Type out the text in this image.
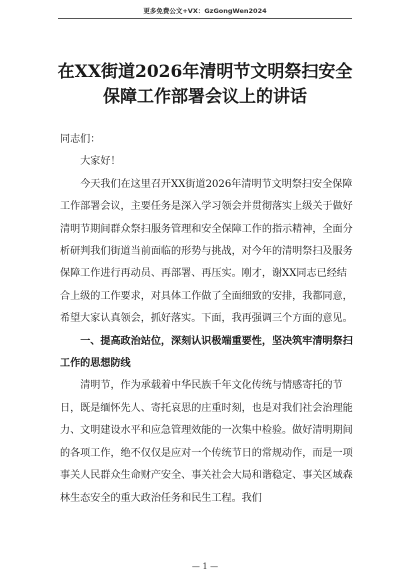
更多免费公文+VX：GzGongWen2024
在XX街道2026年清明节文明祭扫安全
保障工作部署会议上的讲话

同志们：

大家好！

今天我们在这里召开XX街道2026年清明节文明祭扫安全保障工作部署会议，主要任务是深入学习领会并贯彻落实上级关于做好清明节期间群众祭扫服务管理和安全保障工作的指示精神，全面分析研判我们街道当前面临的形势与挑战，对今年的清明祭扫及服务保障工作进行再动员、再部署、再压实。刚才，谢XX同志已经结合上级的工作要求，对具体工作做了全面细致的安排，我都同意，希望大家认真领会，抓好落实。下面，我再强调三个方面的意见。

一、提高政治站位，深刻认识极端重要性，坚决筑牢清明祭扫工作的思想防线

清明节，作为承载着中华民族千年文化传统与情感寄托的节日，既是缅怀先人、寄托哀思的庄重时刻，也是对我们社会治理能力、文明建设水平和应急管理效能的一次集中检验。做好清明期间的各项工作，绝不仅仅是应对一个传统节日的常规动作，而是一项事关人民群众生命财产安全、事关社会大局和谐稳定、事关区域森林生态安全的重大政治任务和民生工程。我们

— 1 —
